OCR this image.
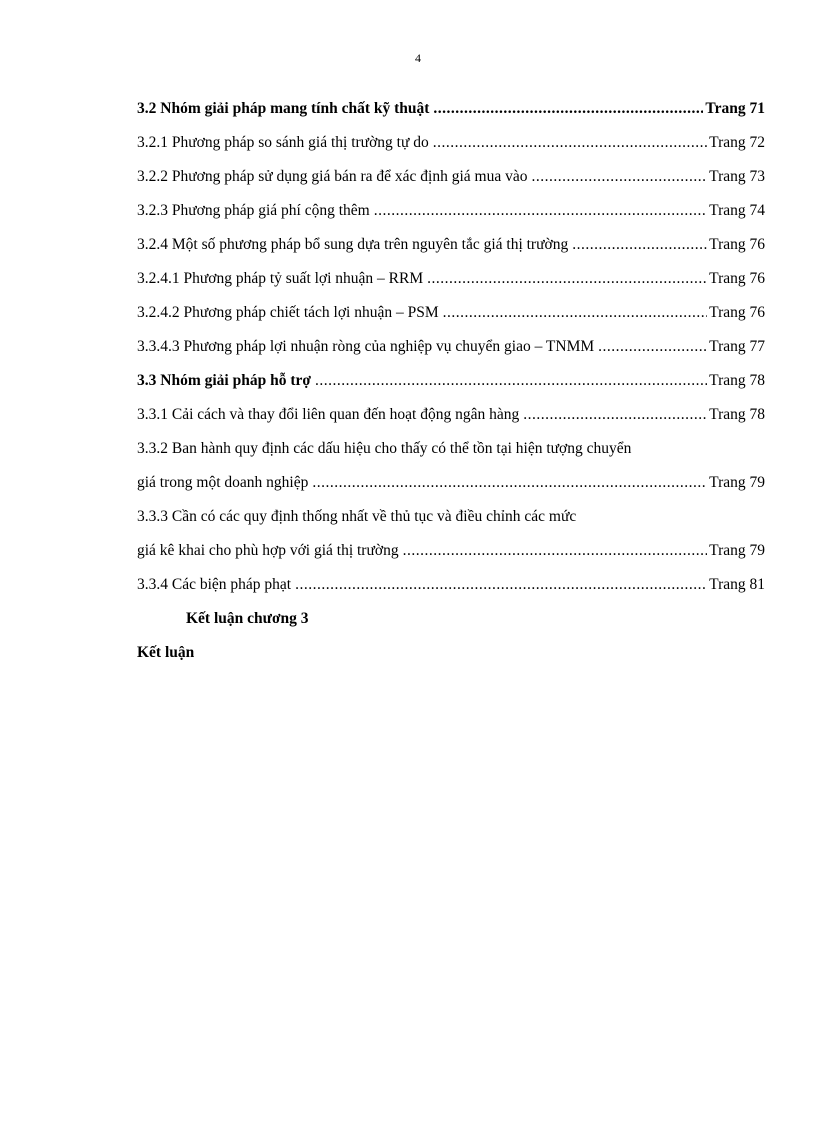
4
3.2 Nhóm giải pháp mang tính chất kỹ thuật .....	Trang 71
3.2.1 Phương pháp so sánh giá thị trường tự do .....	Trang 72
3.2.2 Phương pháp sử dụng giá bán ra để xác định giá mua vào .....	Trang 73
3.2.3 Phương pháp giá phí cộng thêm .....	Trang 74
3.2.4 Một số phương pháp bổ sung dựa trên nguyên tắc giá thị trường .....	Trang 76
3.2.4.1 Phương pháp tỷ suất lợi nhuận – RRM .....	Trang 76
3.2.4.2 Phương pháp chiết tách lợi nhuận – PSM .....	Trang 76
3.3.4.3 Phương pháp lợi nhuận ròng của nghiệp vụ chuyển giao – TNMM .....	Trang 77
3.3 Nhóm giải pháp hỗ trợ .....	Trang 78
3.3.1 Cải cách và thay đổi liên quan đến hoạt động ngân hàng .....	Trang 78
3.3.2 Ban hành quy định các dấu hiệu cho thấy có thể tồn tại hiện tượng chuyển
giá trong một doanh nghiệp .....	Trang 79
3.3.3 Cần có các quy định thống nhất về thủ tục và điều chỉnh các mức
giá kê khai cho phù hợp với giá thị trường .....	Trang 79
3.3.4 Các biện pháp phạt .....	Trang 81
Kết luận chương 3
Kết luận
